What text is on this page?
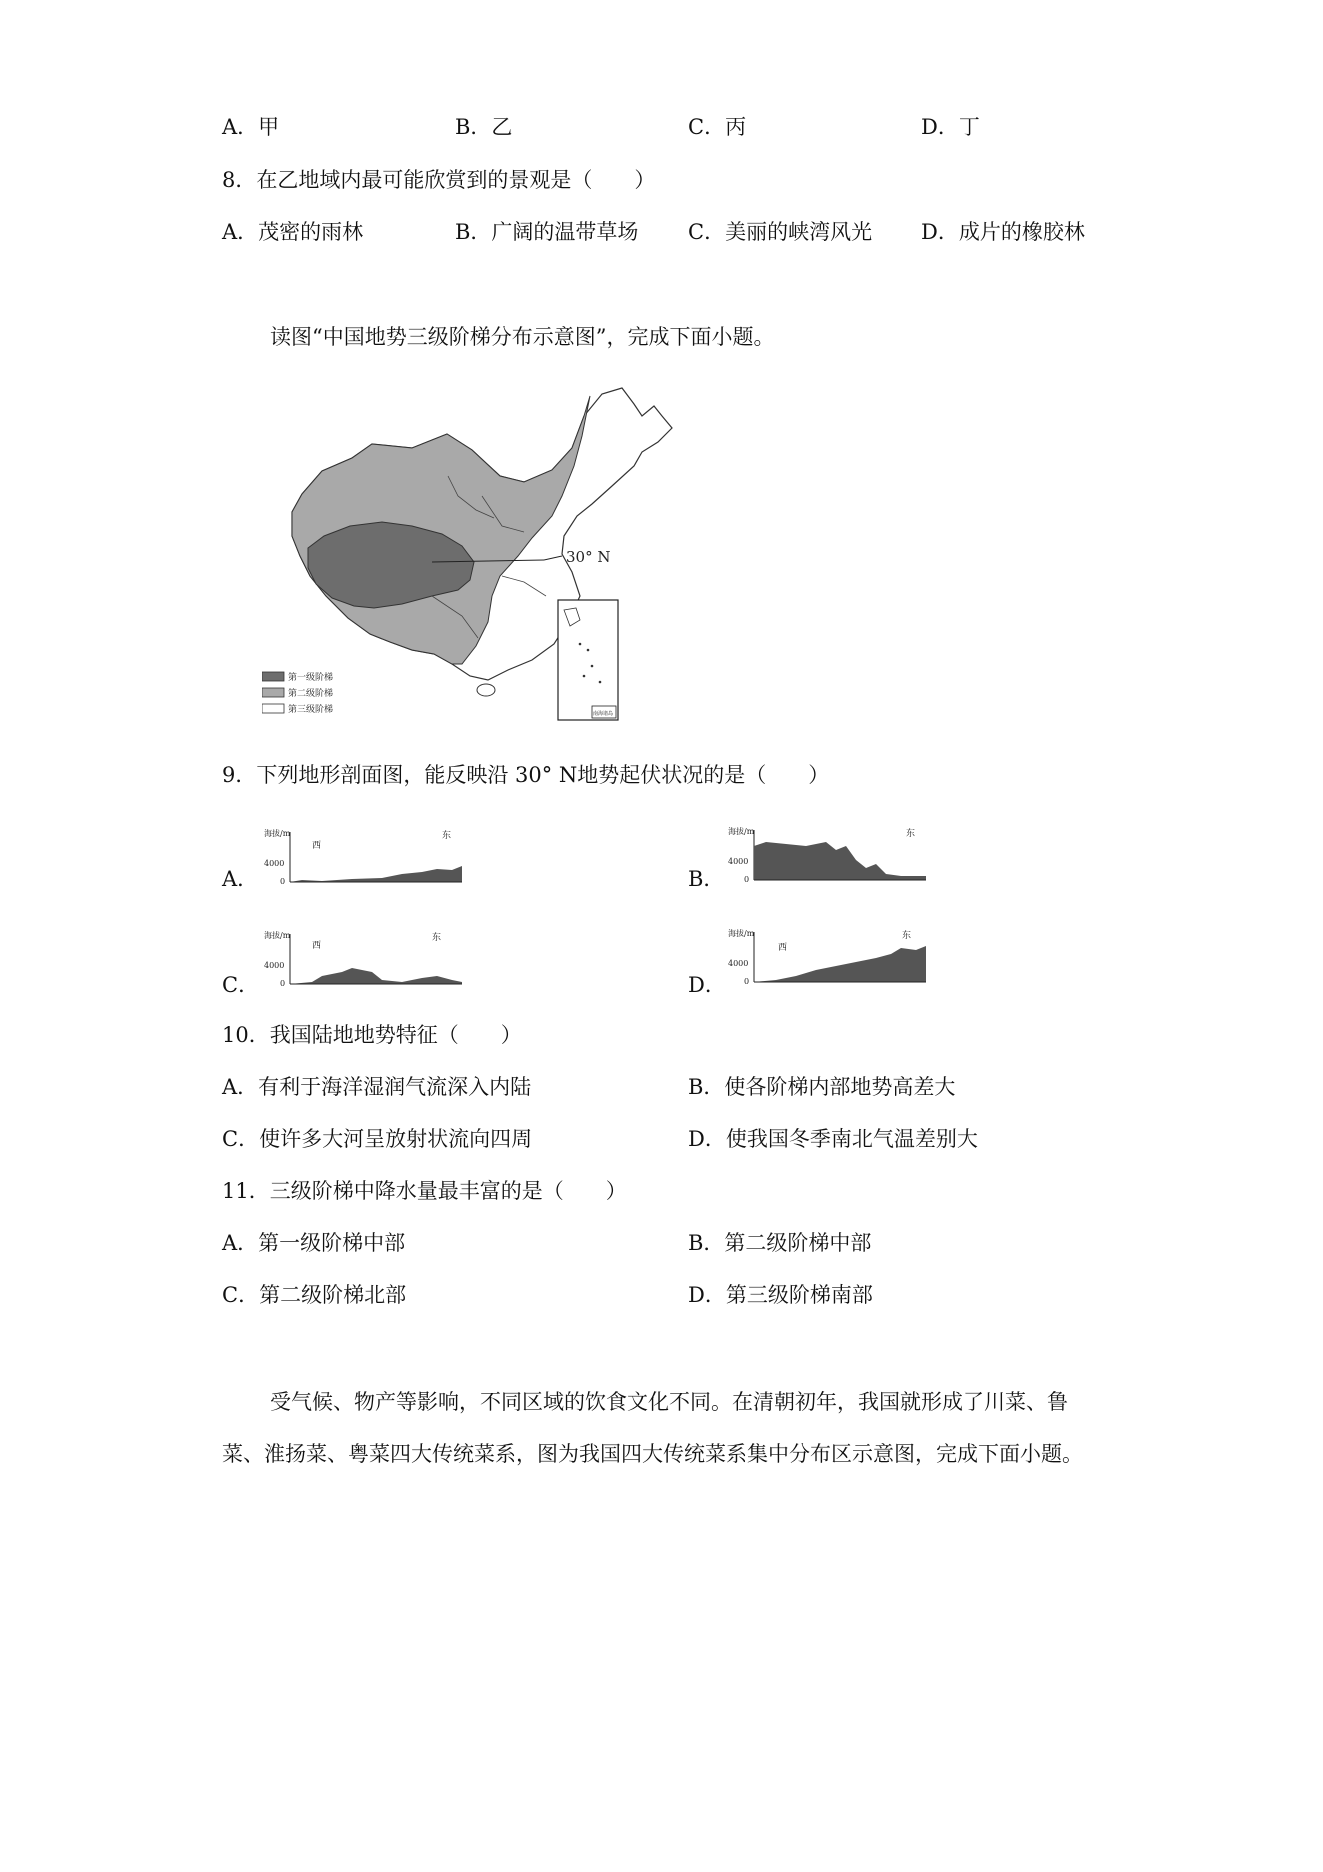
A．甲	B．乙	C．丙	D．丁
8．在乙地域内最可能欣赏到的景观是（　　）
A．茂密的雨林	B．广阔的温带草场 C．美丽的峡湾风光 D．成片的橡胶林
读图“中国地势三级阶梯分布示意图”，完成下面小题。
30° N
南海诸岛
第一级阶梯
第二级阶梯
第三级阶梯
9．下列地形剖面图，能反映沿 30° N地势起伏状况的是（　　）
A．
海拔/m
4000
0
西
东
B．
海拔/m
4000
0
西	东
C．
海拔/m
4000
0
西
东
D．
海拔/m
4000
0
西
东
10．我国陆地地势特征（　　）
A．有利于海洋湿润气流深入内陆	B．使各阶梯内部地势高差大
C．使许多大河呈放射状流向四周	D．使我国冬季南北气温差别大
11．三级阶梯中降水量最丰富的是（　　）
A．第一级阶梯中部	B．第二级阶梯中部
C．第二级阶梯北部	D．第三级阶梯南部
受气候、物产等影响，不同区域的饮食文化不同。在清朝初年，我国就形成了川菜、鲁菜、淮扬菜、粤菜四大传统菜系，图为我国四大传统菜系集中分布区示意图，完成下面小题。
